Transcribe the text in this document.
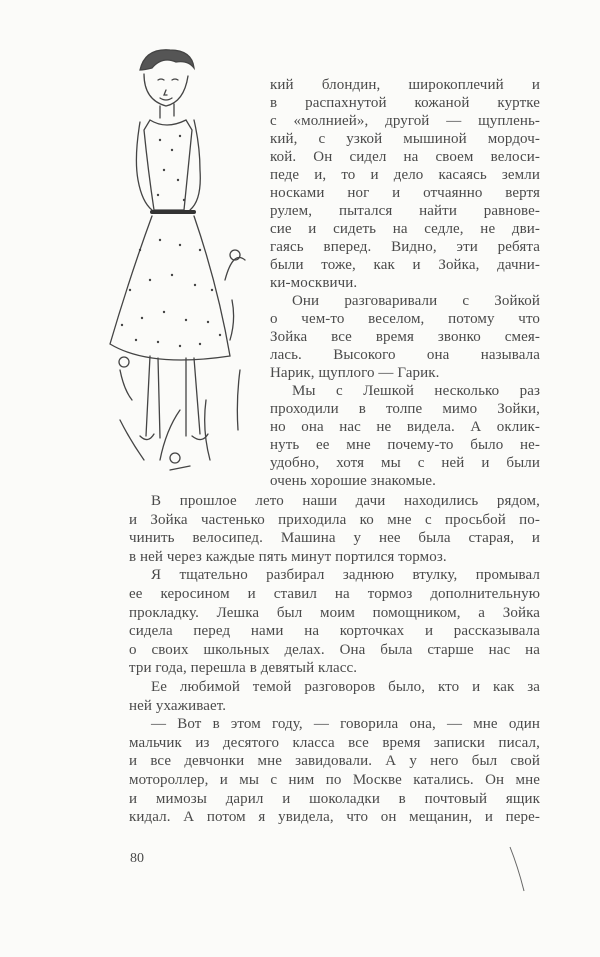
кий блондин, широкоплечий и
в распахнутой кожаной куртке
с «молнией», другой — щуплень-
кий, с узкой мышиной мордоч-
кой. Он сидел на своем велоси-
педе и, то и дело касаясь земли
носками ног и отчаянно вертя
рулем, пытался найти равнове-
сие и сидеть на седле, не дви-
гаясь вперед. Видно, эти ребята
были тоже, как и Зойка, дачни-
ки-москвичи.
Они разговаривали с Зойкой
о чем-то веселом, потому что
Зойка все время звонко смея-
лась. Высокого она называла
Нарик, щуплого — Гарик.
Мы с Лешкой несколько раз
проходили в толпе мимо Зойки,
но она нас не видела. А оклик-
нуть ее мне почему-то было не-
удобно, хотя мы с ней и были
очень хорошие знакомые.
В прошлое лето наши дачи находились рядом,
и Зойка частенько приходила ко мне с просьбой по-
чинить велосипед. Машина у нее была старая, и
в ней через каждые пять минут портился тормоз.
Я тщательно разбирал заднюю втулку, промывал
ее керосином и ставил на тормоз дополнительную
прокладку. Лешка был моим помощником, а Зойка
сидела перед нами на корточках и рассказывала
о своих школьных делах. Она была старше нас на
три года, перешла в девятый класс.
Ее любимой темой разговоров было, кто и как за
ней ухаживает.
— Вот в этом году, — говорила она, — мне один
мальчик из десятого класса все время записки писал,
и все девчонки мне завидовали. А у него был свой
мотороллер, и мы с ним по Москве катались. Он мне
и мимозы дарил и шоколадки в почтовый ящик
кидал. А потом я увидела, что он мещанин, и пере-
80
